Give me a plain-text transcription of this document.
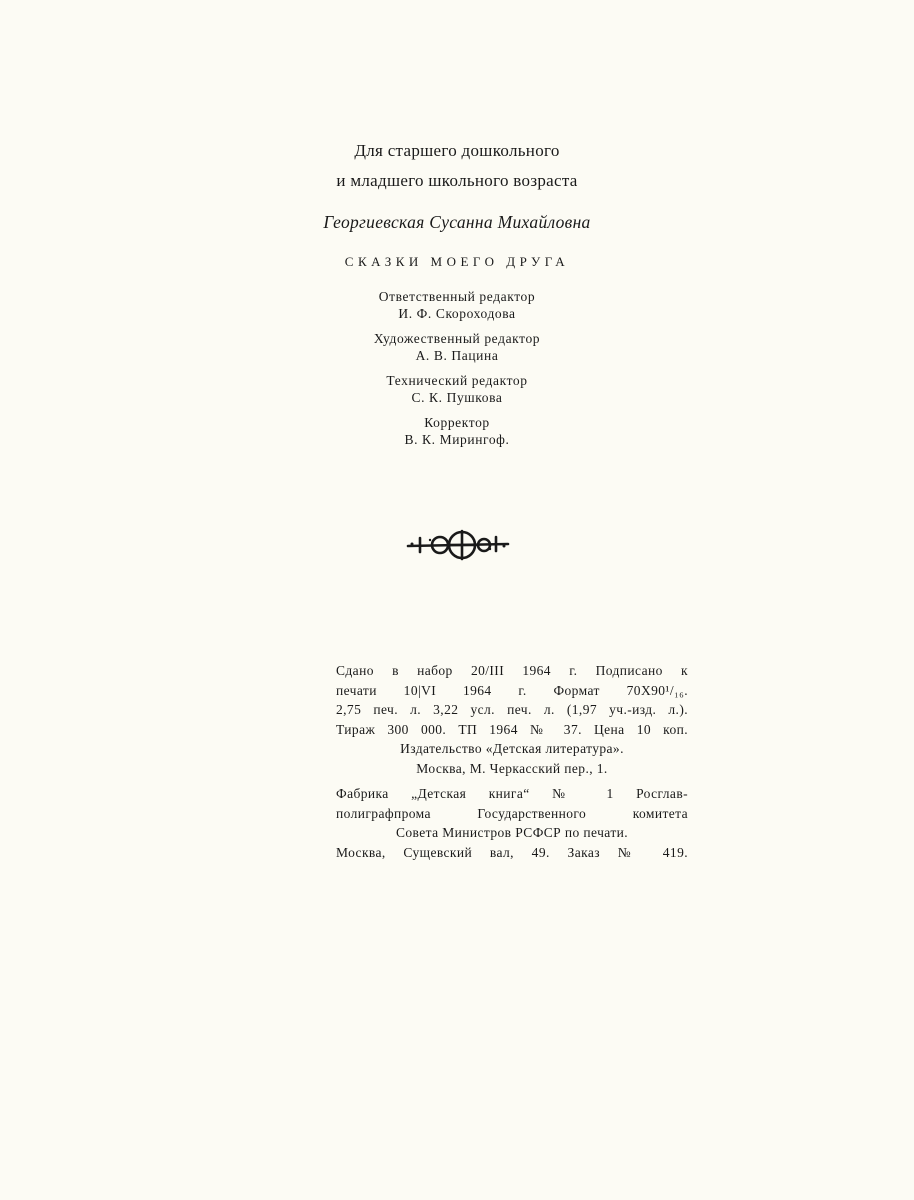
Для старшего дошкольного
и младшего школьного возраста
Георгиевская Сусанна Михайловна
СКАЗКИ МОЕГО ДРУГА
Ответственный редактор
И. Ф. Скороходова
Художественный редактор
А. В. Пацина
Технический редактор
С. К. Пушкова
Корректор
В. К. Мирингоф.
Сдано в набор 20/III 1964 г. Подписано к
печати 10|VI 1964 г. Формат 70X90¹/₁₆.
2,75 печ. л. 3,22 усл. печ. л. (1,97 уч.-изд. л.).
Тираж 300 000. ТП 1964 № 37. Цена 10 коп.
Издательство «Детская литература».
Москва, М. Черкасский пер., 1.
Фабрика „Детская книга“ № 1 Росглав-
полиграфпрома Государственного комитета
Совета Министров РСФСР по печати.
Москва, Сущевский вал, 49. Заказ № 419.
